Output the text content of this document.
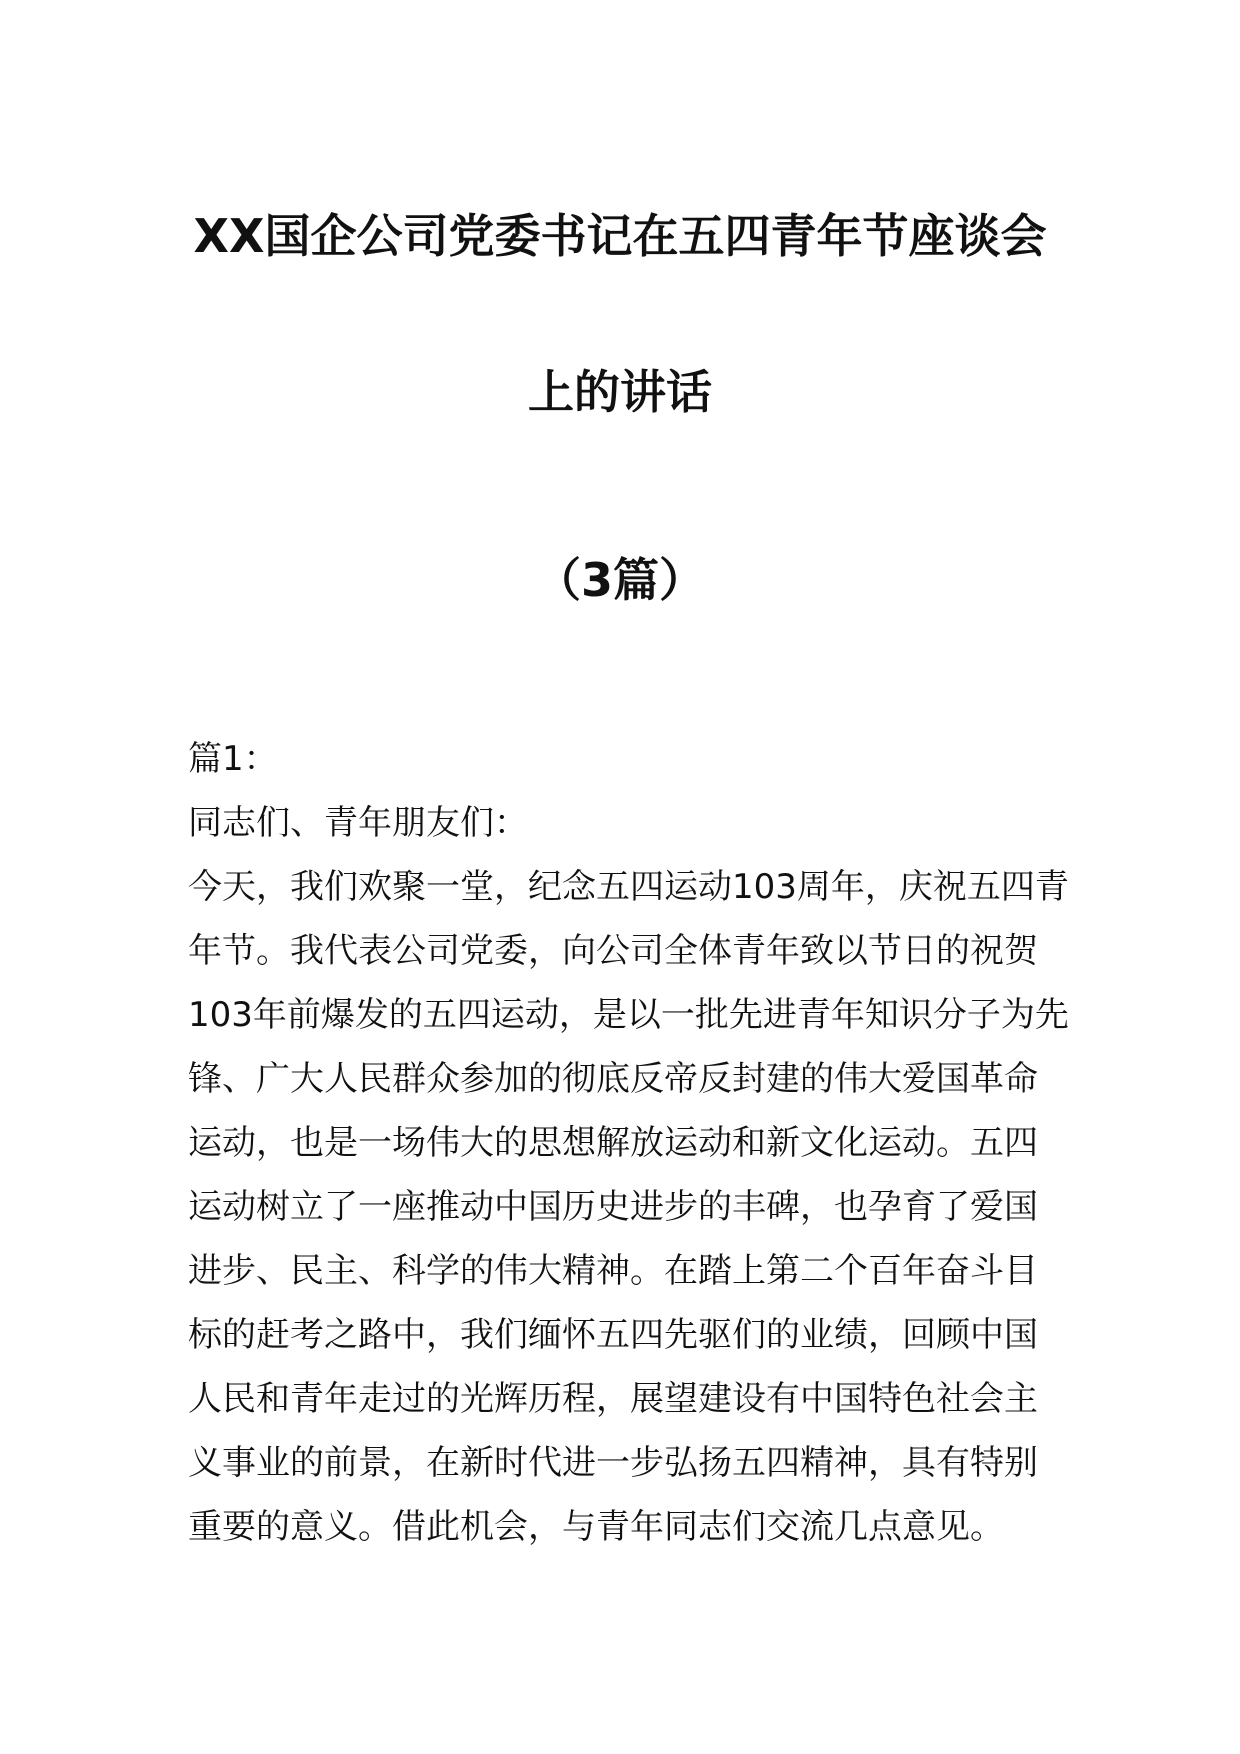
XX国企公司党委书记在五四青年节座谈会
上的讲话
（3篇）
篇1：
同志们、青年朋友们：
今天，我们欢聚一堂，纪念五四运动103周年，庆祝五四青
年节。我代表公司党委，向公司全体青年致以节日的祝贺
103年前爆发的五四运动，是以一批先进青年知识分子为先
锋、广大人民群众参加的彻底反帝反封建的伟大爱国革命
运动，也是一场伟大的思想解放运动和新文化运动。五四
运动树立了一座推动中国历史进步的丰碑，也孕育了爱国
进步、民主、科学的伟大精神。在踏上第二个百年奋斗目
标的赶考之路中，我们缅怀五四先驱们的业绩，回顾中国
人民和青年走过的光辉历程，展望建设有中国特色社会主
义事业的前景，在新时代进一步弘扬五四精神，具有特别
重要的意义。借此机会，与青年同志们交流几点意见。
